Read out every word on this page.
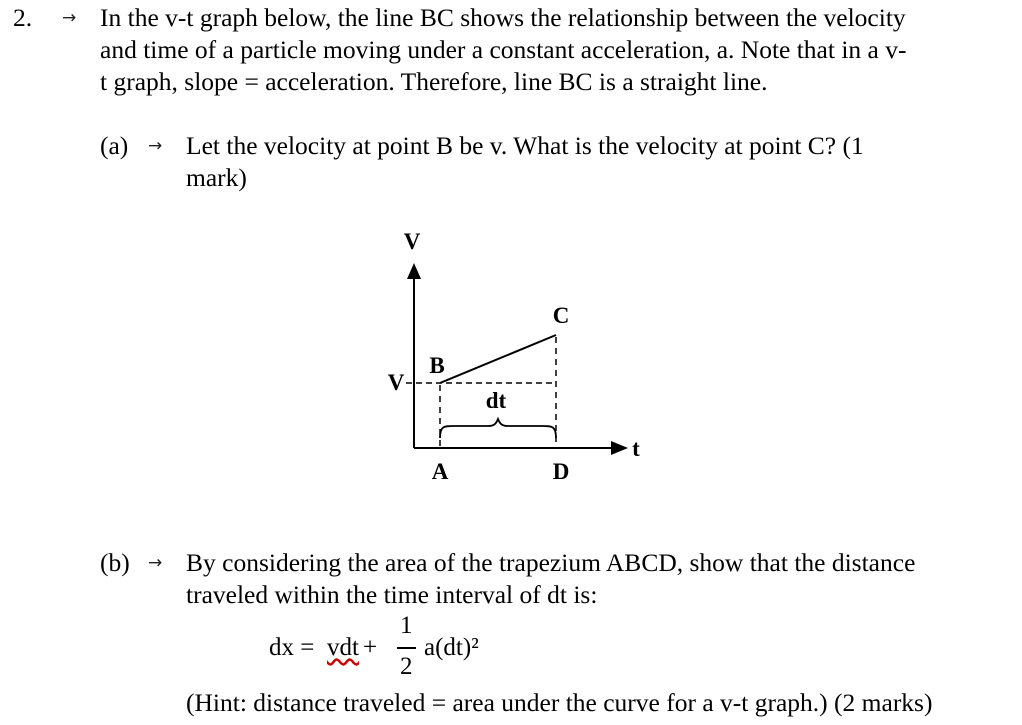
2. → In the v-t graph below, the line BC shows the relationship between the velocity
and time of a particle moving under a constant acceleration, a. Note that in a v-
t graph, slope = acceleration. Therefore, line BC is a straight line.
(a) → Let the velocity at point B be v. What is the velocity at point C? (1
mark)
V
t
V
dt
B
C
A	D
(b) → By considering the area of the trapezium ABCD, show that the distance
traveled within the time interval of dt is:
dx = vdt +
1
2
a(dt)²
(Hint: distance traveled = area under the curve for a v-t graph.) (2 marks)
